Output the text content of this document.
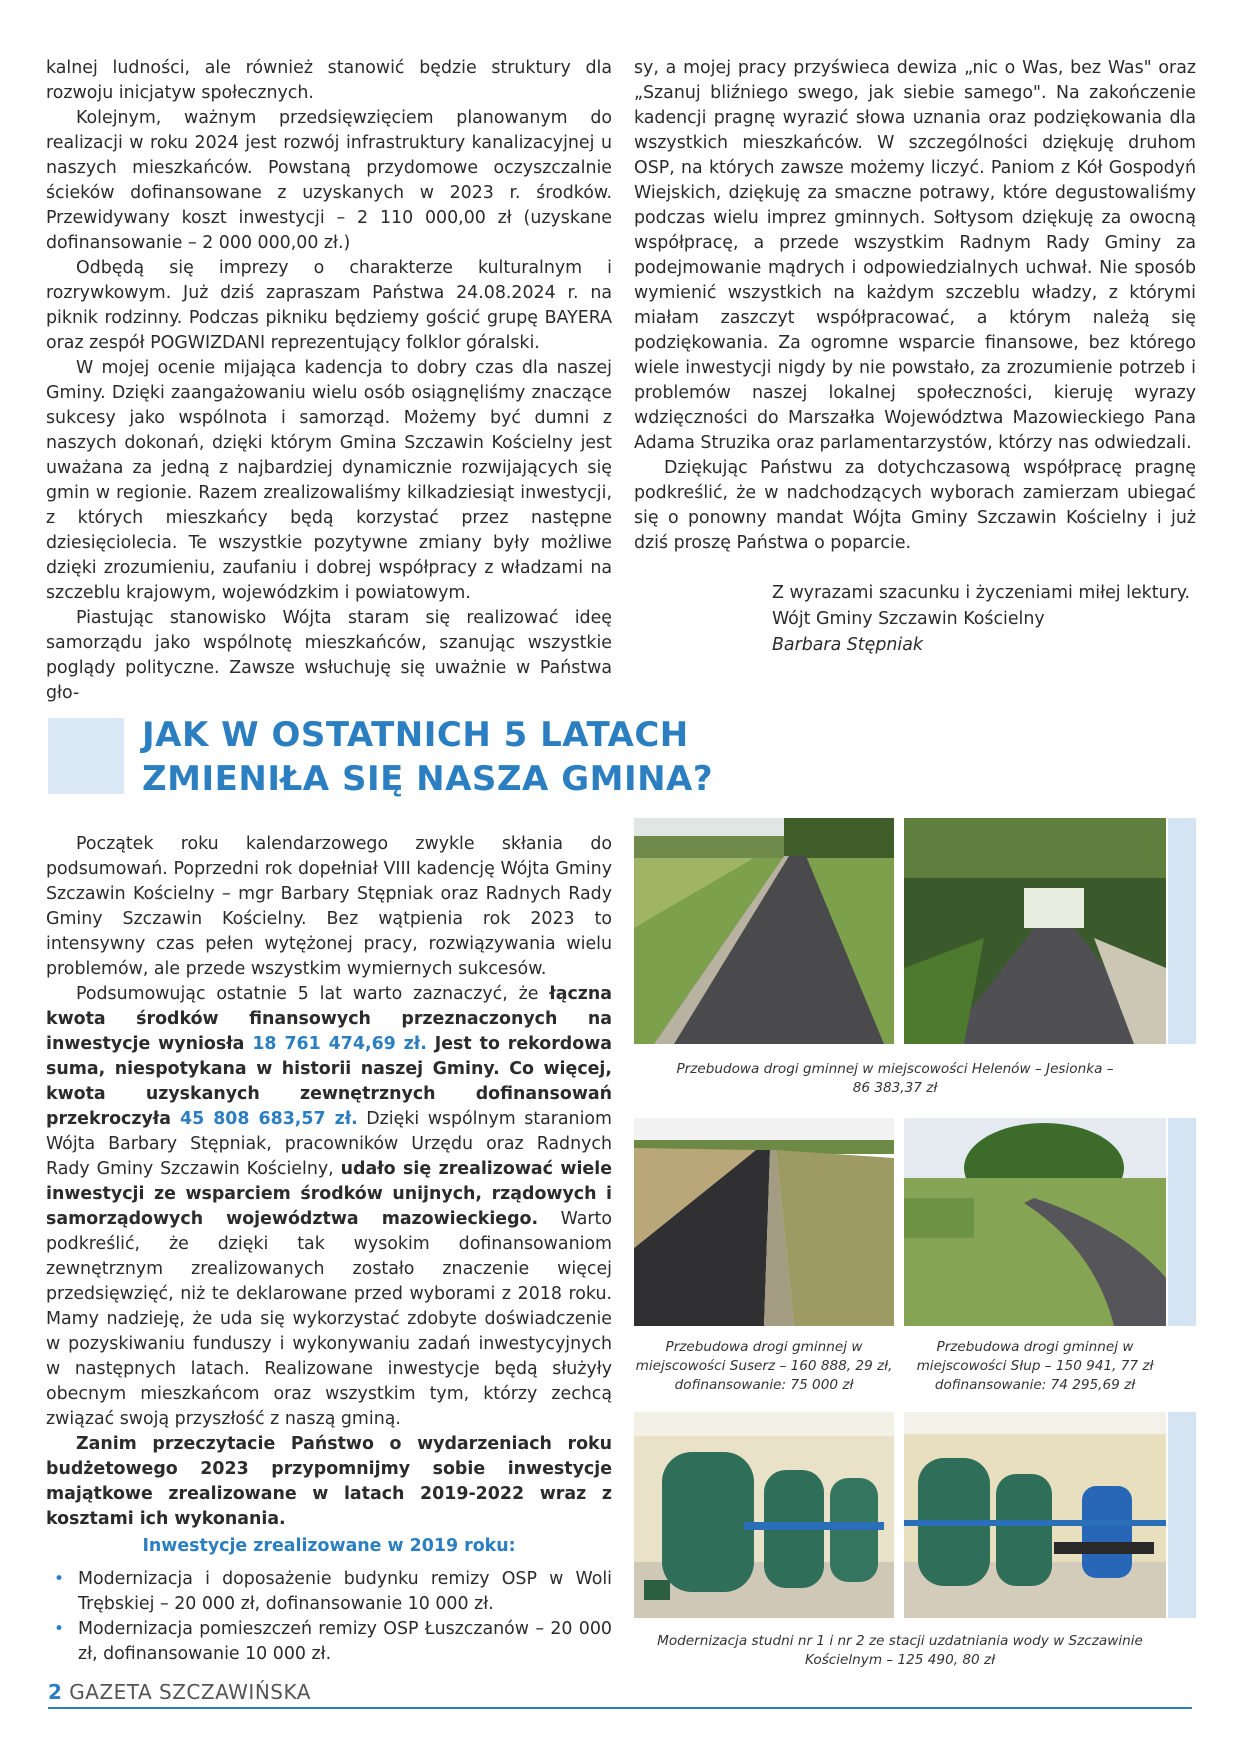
kalnej ludności, ale również stanowić będzie struktury dla rozwoju inicjatyw społecznych.

Kolejnym, ważnym przedsięwzięciem planowanym do realizacji w roku 2024 jest rozwój infrastruktury kanalizacyjnej u naszych mieszkańców. Powstaną przydomowe oczyszczalnie ścieków dofinansowane z uzyskanych w 2023 r. środków. Przewidywany koszt inwestycji – 2 110 000,00 zł (uzyskane dofinansowanie – 2 000 000,00 zł.)

Odbędą się imprezy o charakterze kulturalnym i rozrywkowym. Już dziś zapraszam Państwa 24.08.2024 r. na piknik rodzinny. Podczas pikniku będziemy gościć grupę BAYERA oraz zespół POGWIZDANI reprezentujący folklor góralski.

W mojej ocenie mijająca kadencja to dobry czas dla naszej Gminy. Dzięki zaangażowaniu wielu osób osiągnęliśmy znaczące sukcesy jako wspólnota i samorząd. Możemy być dumni z naszych dokonań, dzięki którym Gmina Szczawin Kościelny jest uważana za jedną z najbardziej dynamicznie rozwijających się gmin w regionie. Razem zrealizowaliśmy kilkadziesiąt inwestycji, z których mieszkańcy będą korzystać przez następne dziesięciolecia. Te wszystkie pozytywne zmiany były możliwe dzięki zrozumieniu, zaufaniu i dobrej współpracy z władzami na szczeblu krajowym, wojewódzkim i powiatowym.

Piastując stanowisko Wójta staram się realizować ideę samorządu jako wspólnotę mieszkańców, szanując wszystkie poglądy polityczne. Zawsze wsłuchuję się uważnie w Państwa gło-

sy, a mojej pracy przyświeca dewiza „nic o Was, bez Was" oraz „Szanuj bliźniego swego, jak siebie samego". Na zakończenie kadencji pragnę wyrazić słowa uznania oraz podziękowania dla wszystkich mieszkańców. W szczególności dziękuję druhom OSP, na których zawsze możemy liczyć. Paniom z Kół Gospodyń Wiejskich, dziękuję za smaczne potrawy, które degustowaliśmy podczas wielu imprez gminnych. Sołtysom dziękuję za owocną współpracę, a przede wszystkim Radnym Rady Gminy za podejmowanie mądrych i odpowiedzialnych uchwał. Nie sposób wymienić wszystkich na każdym szczeblu władzy, z którymi miałam zaszczyt współpracować, a którym należą się podziękowania. Za ogromne wsparcie finansowe, bez którego wiele inwestycji nigdy by nie powstało, za zrozumienie potrzeb i problemów naszej lokalnej społeczności, kieruję wyrazy wdzięczności do Marszałka Województwa Mazowieckiego Pana Adama Struzika oraz parlamentarzystów, którzy nas odwiedzali.

Dziękując Państwu za dotychczasową współpracę pragnę podkreślić, że w nadchodzących wyborach zamierzam ubiegać się o ponowny mandat Wójta Gminy Szczawin Kościelny i już dziś proszę Państwa o poparcie.

Z wyrazami szacunku i życzeniami miłej lektury.
Wójt Gminy Szczawin Kościelny
Barbara Stępniak
JAK W OSTATNICH 5 LATACH
ZMIENIŁA SIĘ NASZA GMINA?

Początek roku kalendarzowego zwykle skłania do podsumowań. Poprzedni rok dopełniał VIII kadencję Wójta Gminy Szczawin Kościelny – mgr Barbary Stępniak oraz Radnych Rady Gminy Szczawin Kościelny. Bez wątpienia rok 2023 to intensywny czas pełen wytężonej pracy, rozwiązywania wielu problemów, ale przede wszystkim wymiernych sukcesów.

Podsumowując ostatnie 5 lat warto zaznaczyć, że łączna kwota środków finansowych przeznaczonych na inwestycje wyniosła 18 761 474,69 zł. Jest to rekordowa suma, niespotykana w historii naszej Gminy. Co więcej, kwota uzyskanych zewnętrznych dofinansowań przekroczyła 45 808 683,57 zł. Dzięki wspólnym staraniom Wójta Barbary Stępniak, pracowników Urzędu oraz Radnych Rady Gminy Szczawin Kościelny, udało się zrealizować wiele inwestycji ze wsparciem środków unijnych, rządowych i samorządowych województwa mazowieckiego. Warto podkreślić, że dzięki tak wysokim dofinansowaniom zewnętrznym zrealizowanych zostało znaczenie więcej przedsięwzięć, niż te deklarowane przed wyborami z 2018 roku. Mamy nadzieję, że uda się wykorzystać zdobyte doświadczenie w pozyskiwaniu funduszy i wykonywaniu zadań inwestycyjnych w następnych latach. Realizowane inwestycje będą służyły obecnym mieszkańcom oraz wszystkim tym, którzy zechcą związać swoją przyszłość z naszą gminą.

Zanim przeczytacie Państwo o wydarzeniach roku budżetowego 2023 przypomnijmy sobie inwestycje majątkowe zrealizowane w latach 2019-2022 wraz z kosztami ich wykonania.

Inwestycje zrealizowane w 2019 roku:
• Modernizacja i doposażenie budynku remizy OSP w Woli Trębskiej – 20 000 zł, dofinansowanie 10 000 zł.
• Modernizacja pomieszczeń remizy OSP Łuszczanów – 20 000 zł, dofinansowanie 10 000 zł.
Przebudowa drogi gminnej w miejscowości Helenów – Jesionka – 86 383,37 zł
Przebudowa drogi gminnej w miejscowości Suserz – 160 888, 29 zł, dofinansowanie: 75 000 zł
Przebudowa drogi gminnej w miejscowości Słup – 150 941, 77 zł dofinansowanie: 74 295,69 zł
Modernizacja studni nr 1 i nr 2 ze stacji uzdatniania wody w Szczawinie Kościelnym – 125 490, 80 zł
2 GAZETA SZCZAWIŃSKA
